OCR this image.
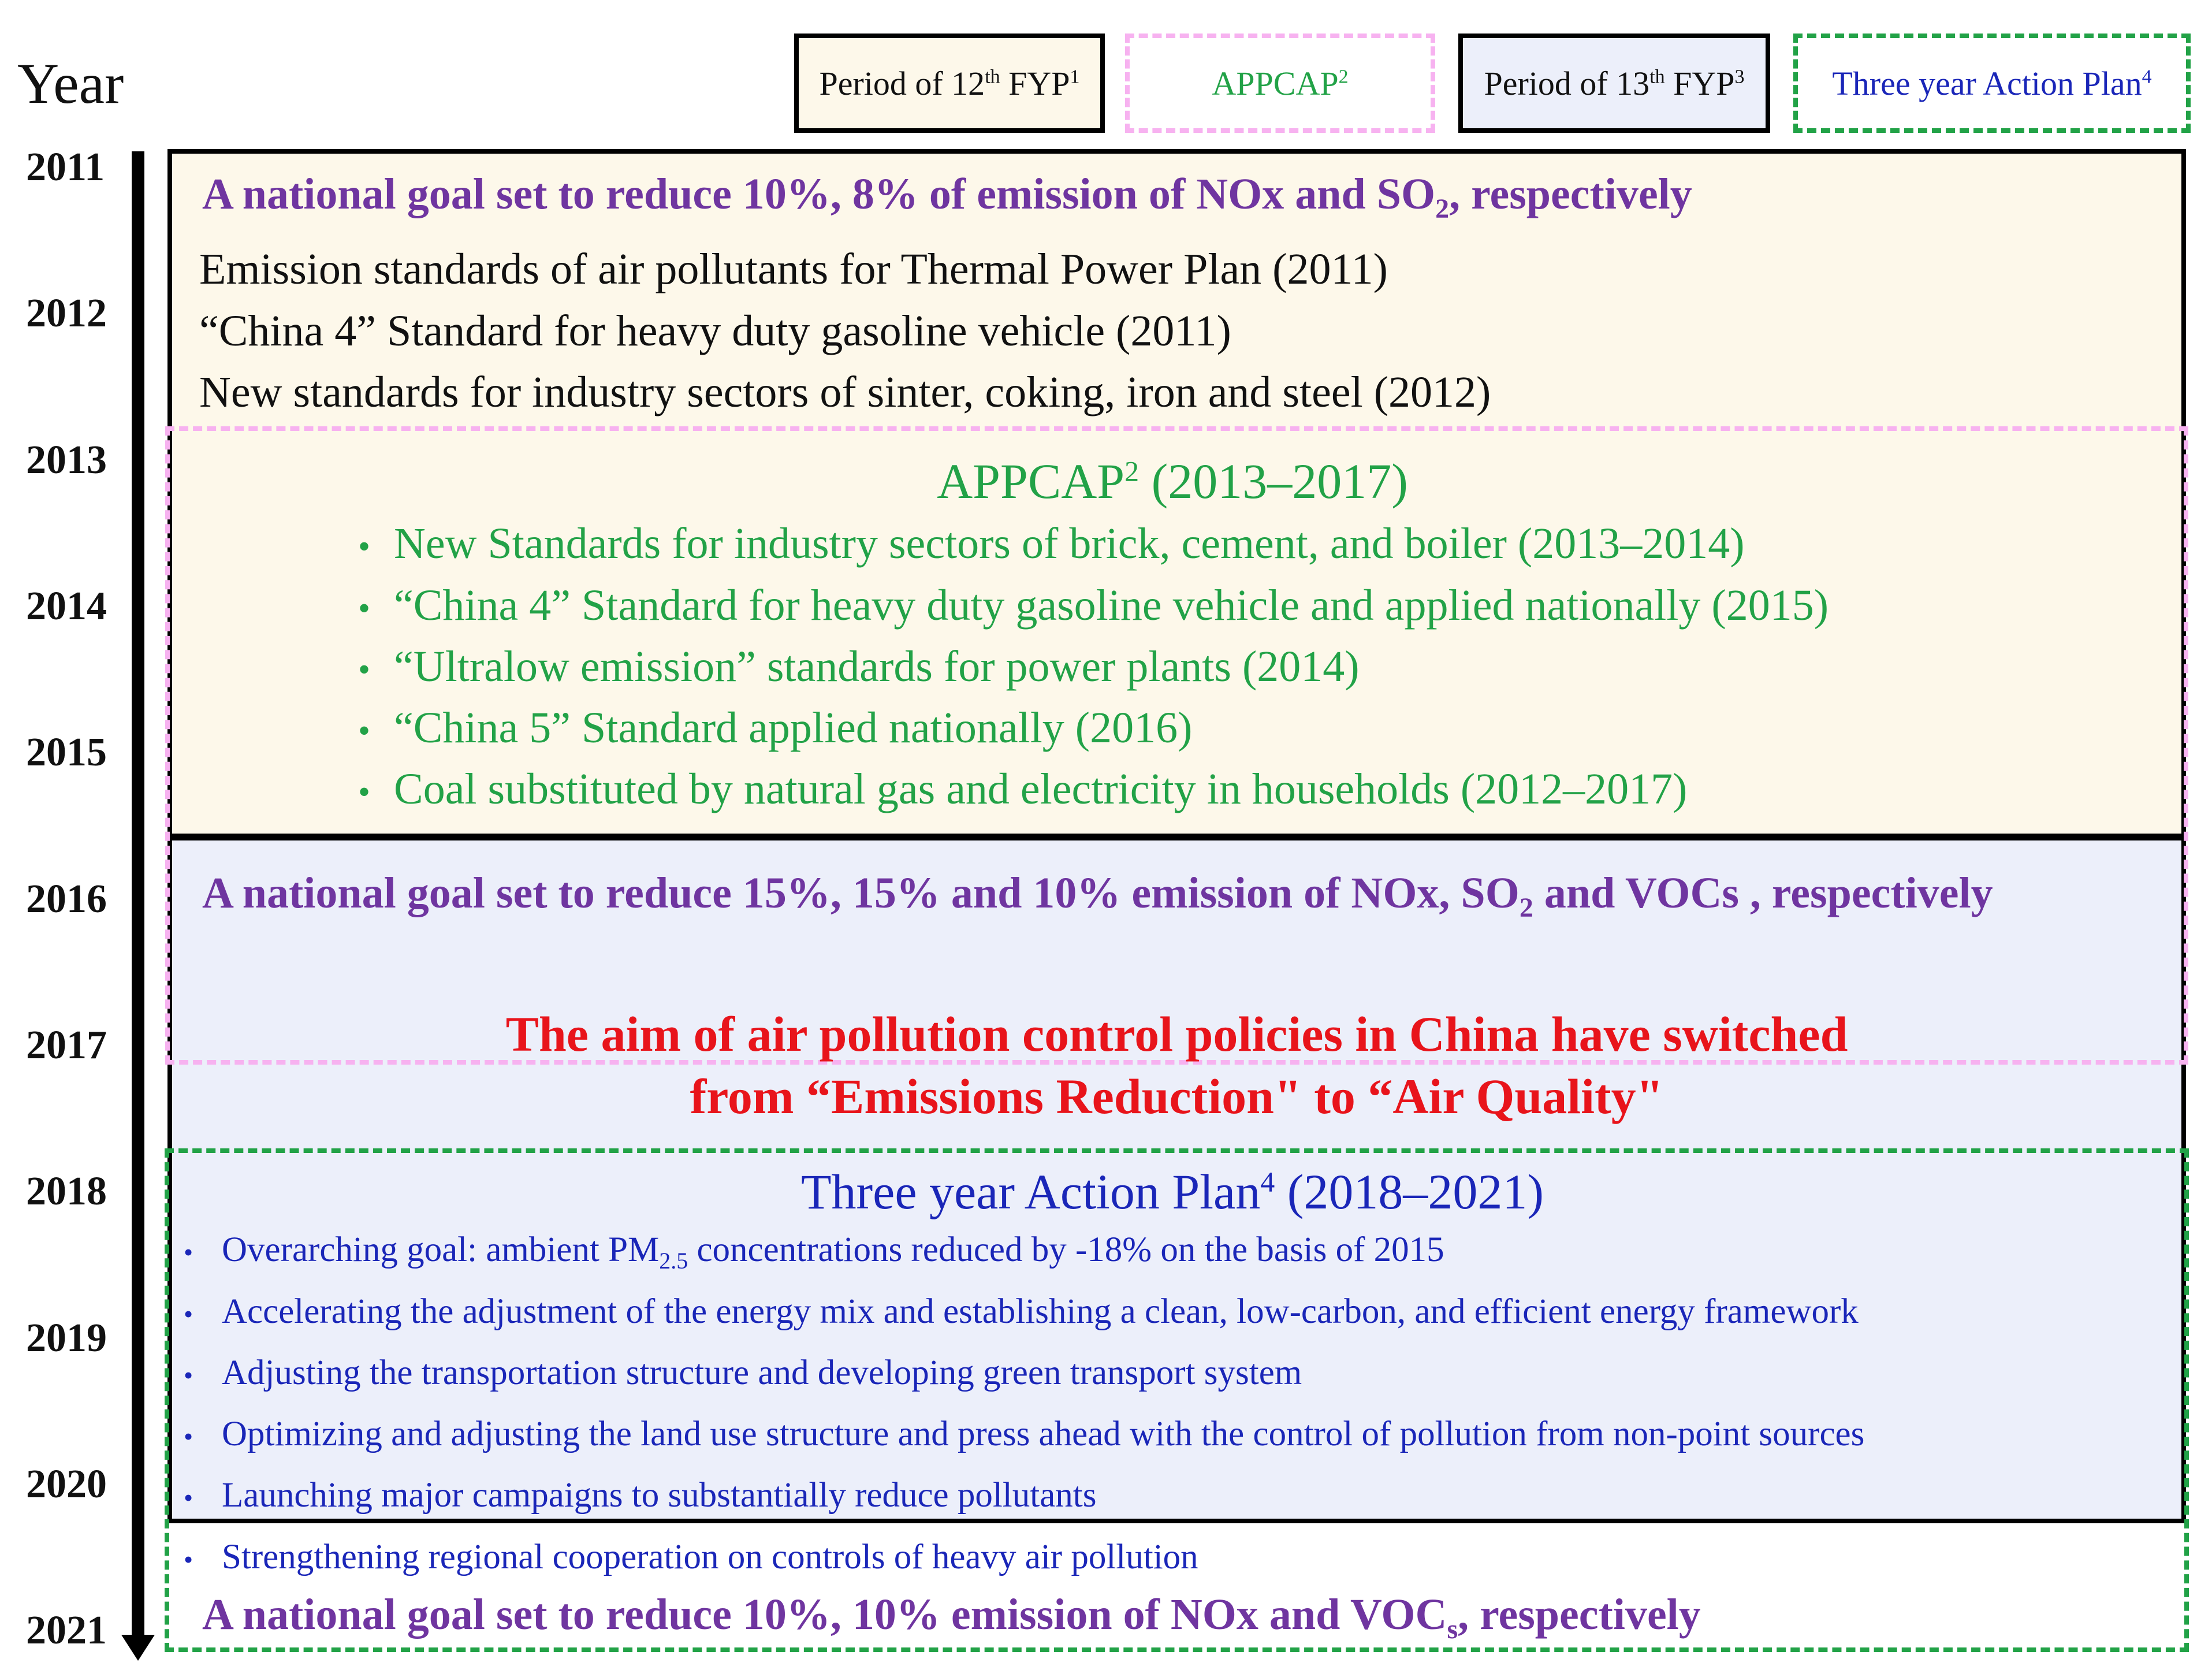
Year
2011
2012
2013
2014
2015
2016
2017
2018
2019
2020
2021
Period of 12th FYP$^1$	APPCAP$^2$	Period of 13th FYP$^3$	Three year Action Plan$^4$
A national goal set to reduce 10%, 8% of emission of NOx and $SO_2$, respectively
Emission standards of air pollutants for Thermal Power Plan (2011)
“China 4” Standard for heavy duty gasoline vehicle (2011)
New standards for industry sectors of sinter, coking, iron and steel (2012)
APPCAP$^2$ (2013–2017)
• New Standards for industry sectors of brick, cement, and boiler (2013–2014)
• “China 4” Standard for heavy duty gasoline vehicle and applied nationally (2015)
• “Ultralow emission” standards for power plants (2014)
• “China 5” Standard applied nationally (2016)
• Coal substituted by natural gas and electricity in households (2012–2017)
A national goal set to reduce 15%, 15% and 10% emission of NOx, $SO_2$ and VOCs , respectively
The aim of air pollution control policies in China have switched
from “Emissions Reduction" to “Air Quality"
Three year Action Plan$^4$ (2018–2021)
• Overarching goal: ambient $PM_{2.5}$ concentrations reduced by -18% on the basis of 2015
• Accelerating the adjustment of the energy mix and establishing a clean, low-carbon, and efficient energy framework
• Adjusting the transportation structure and developing green transport system
• Optimizing and adjusting the land use structure and press ahead with the control of pollution from non-point sources
• Launching major campaigns to substantially reduce pollutants
• Strengthening regional cooperation on controls of heavy air pollution
A national goal set to reduce 10%, 10% emission of NOx and $VOC_s$, respectively
